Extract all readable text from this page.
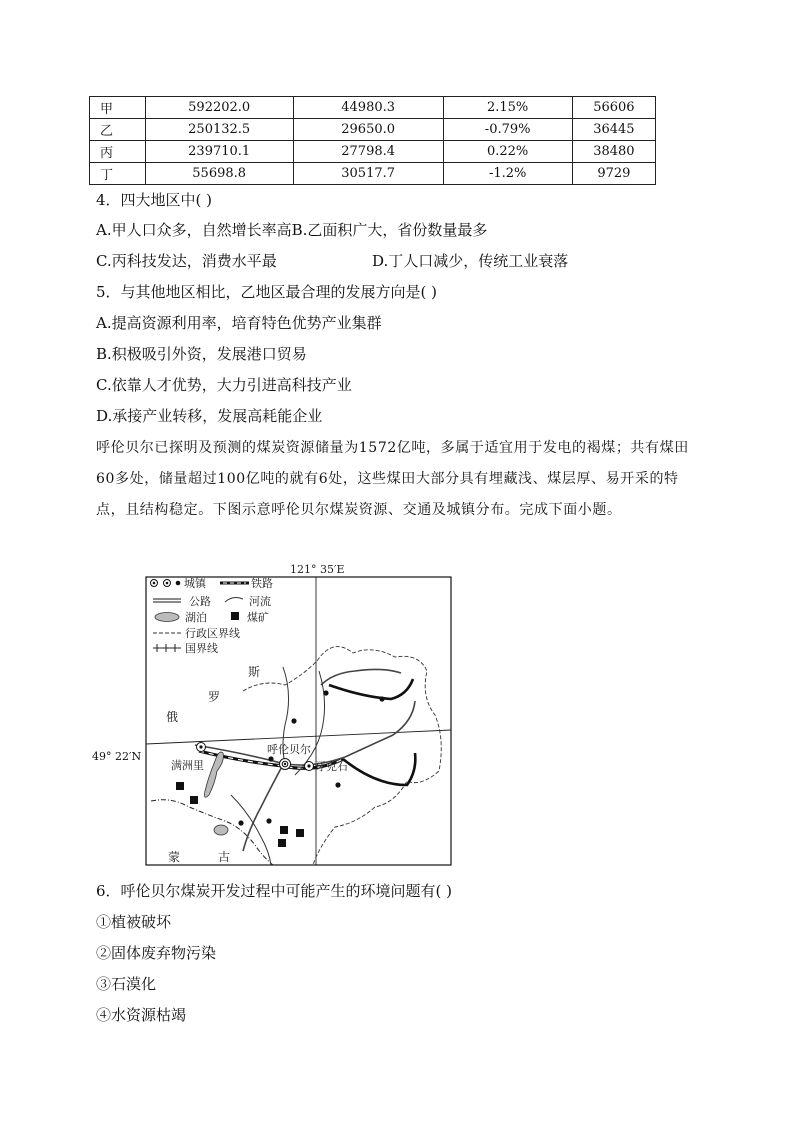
甲	592202.0	44980.3	2.15%	56606
乙	250132.5	29650.0	-0.79%	36445
丙	239710.1	27798.4	0.22%	38480
丁	55698.8	30517.7	-1.2%	9729
4．四大地区中( )
A.甲人口众多，自然增长率高B.乙面积广大，省份数量最多
C.丙科技发达，消费水平最	D.丁人口减少，传统工业衰落
5．与其他地区相比，乙地区最合理的发展方向是( )
A.提高资源利用率，培育特色优势产业集群
B.积极吸引外资，发展港口贸易
C.依靠人才优势，大力引进高科技产业
D.承接产业转移，发展高耗能企业
呼伦贝尔已探明及预测的煤炭资源储量为1572亿吨，多属于适宜用于发电的褐煤；共有煤田60多处，储量超过100亿吨的就有6处，这些煤田大部分具有埋藏浅、煤层厚、易开采的特点，且结构稳定。下图示意呼伦贝尔煤炭资源、交通及城镇分布。完成下面小题。
121° 35′E
城镇	铁路
公路	河流
湖泊	煤矿
行政区界线
国界线
斯
罗
俄
满洲里
呼伦贝尔
牙克石
蒙	古
49° 22′N
6．呼伦贝尔煤炭开发过程中可能产生的环境问题有( )
①植被破坏
②固体废弃物污染
③石漠化
④水资源枯竭
